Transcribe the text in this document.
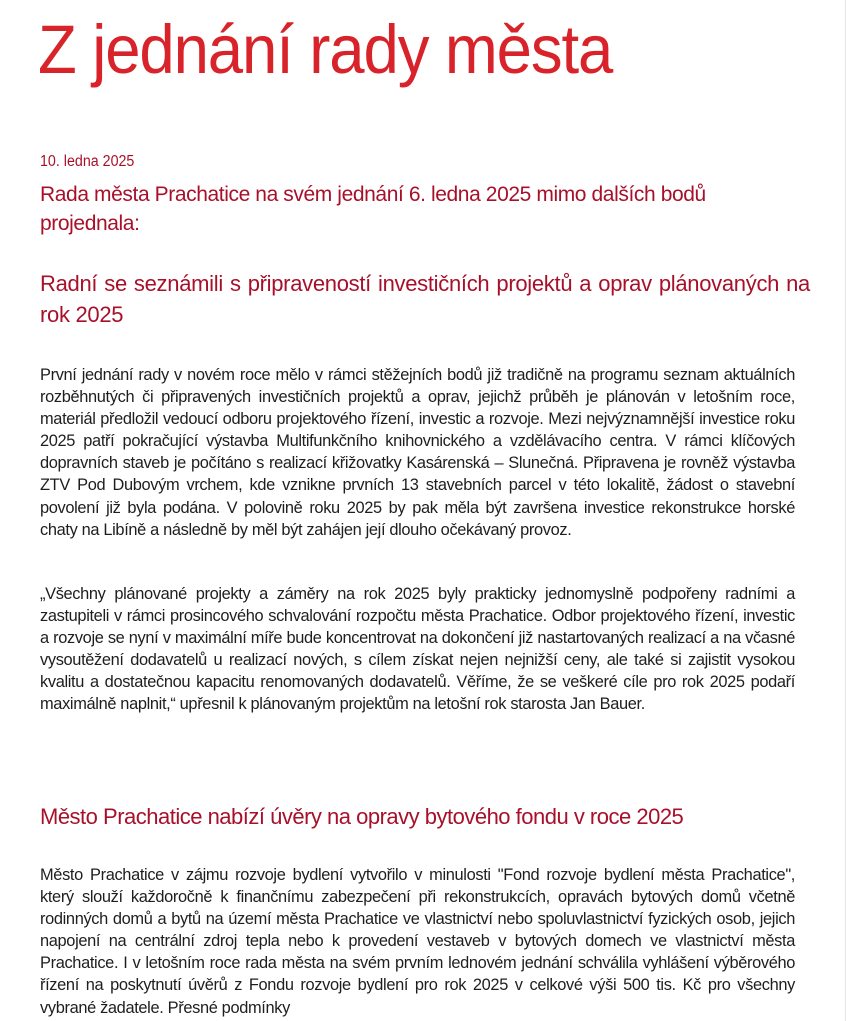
Z jednání rady města
10. ledna 2025

Rada města Prachatice na svém jednání 6. ledna 2025 mimo dalších bodů projednala:

Radní se seznámili s připraveností investičních projektů a oprav plánovaných na rok 2025

První jednání rady v novém roce mělo v rámci stěžejních bodů již tradičně na programu seznam aktuálních rozběhnutých či připravených investičních projektů a oprav, jejichž průběh je plánován v letošním roce, materiál předložil vedoucí odboru projektového řízení, investic a rozvoje. Mezi nejvýznamnější investice roku 2025 patří pokračující výstavba Multifunkčního knihovnického a vzdělávacího centra. V rámci klíčových dopravních staveb je počítáno s realizací křižovatky Kasárenská – Slunečná. Připravena je rovněž výstavba ZTV Pod Dubovým vrchem, kde vznikne prvních 13 stavebních parcel v této lokalitě, žádost o stavební povolení již byla podána. V polovině roku 2025 by pak měla být završena investice rekonstrukce horské chaty na Libíně a následně by měl být zahájen její dlouho očekávaný provoz.

„Všechny plánované projekty a záměry na rok 2025 byly prakticky jednomyslně podpořeny radními a zastupiteli v rámci prosincového schvalování rozpočtu města Prachatice. Odbor projektového řízení, investic a rozvoje se nyní v maximální míře bude koncentrovat na dokončení již nastartovaných realizací a na včasné vysoutěžení dodavatelů u realizací nových, s cílem získat nejen nejnižší ceny, ale také si zajistit vysokou kvalitu a dostatečnou kapacitu renomovaných dodavatelů. Věříme, že se veškeré cíle pro rok 2025 podaří maximálně naplnit,“ upřesnil k plánovaným projektům na letošní rok starosta Jan Bauer.

Město Prachatice nabízí úvěry na opravy bytového fondu v roce 2025

Město Prachatice v zájmu rozvoje bydlení vytvořilo v minulosti "Fond rozvoje bydlení města Prachatice", který slouží každoročně k finančnímu zabezpečení při rekonstrukcích, opravách bytových domů včetně rodinných domů a bytů na území města Prachatice ve vlastnictví nebo spoluvlastnictví fyzických osob, jejich napojení na centrální zdroj tepla nebo k provedení vestaveb v bytových domech ve vlastnictví města Prachatice. I v letošním roce rada města na svém prvním lednovém jednání schválila vyhlášení výběrového řízení na poskytnutí úvěrů z Fondu rozvoje bydlení pro rok 2025 v celkové výši 500 tis. Kč pro všechny vybrané žadatele. Přesné podmínky
